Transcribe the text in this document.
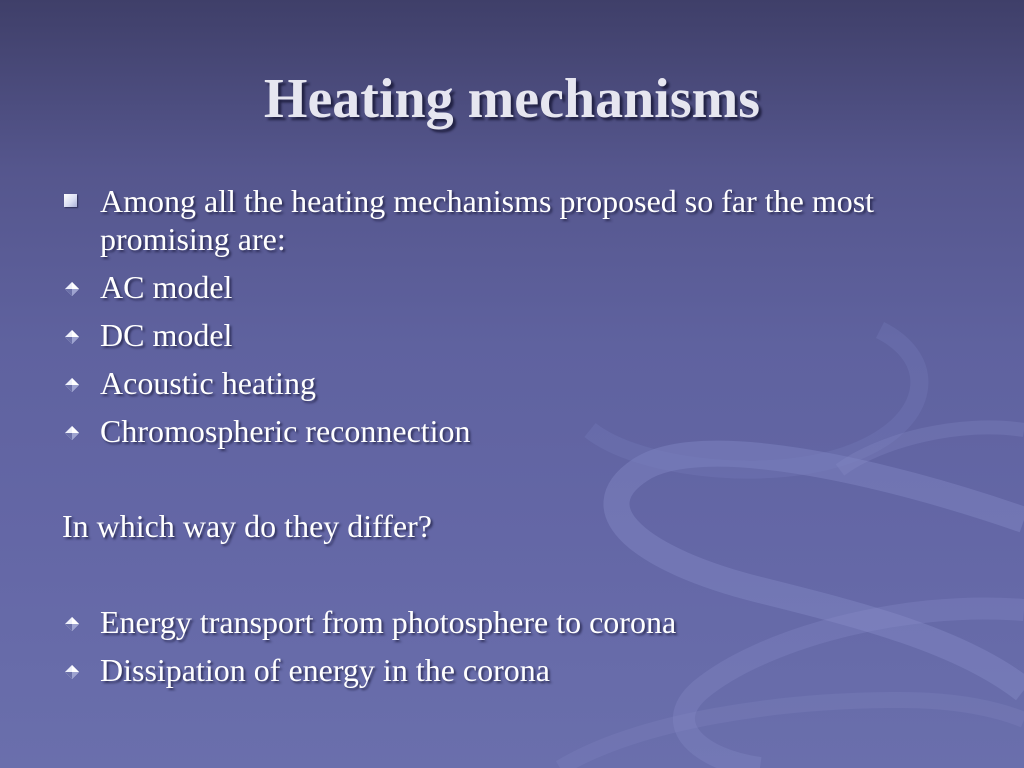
Heating mechanisms
Among all the heating mechanisms proposed so far the most promising are:
AC model
DC model
Acoustic heating
Chromospheric reconnection
In which way do they differ?
Energy transport from photosphere to corona
Dissipation of energy in the corona
